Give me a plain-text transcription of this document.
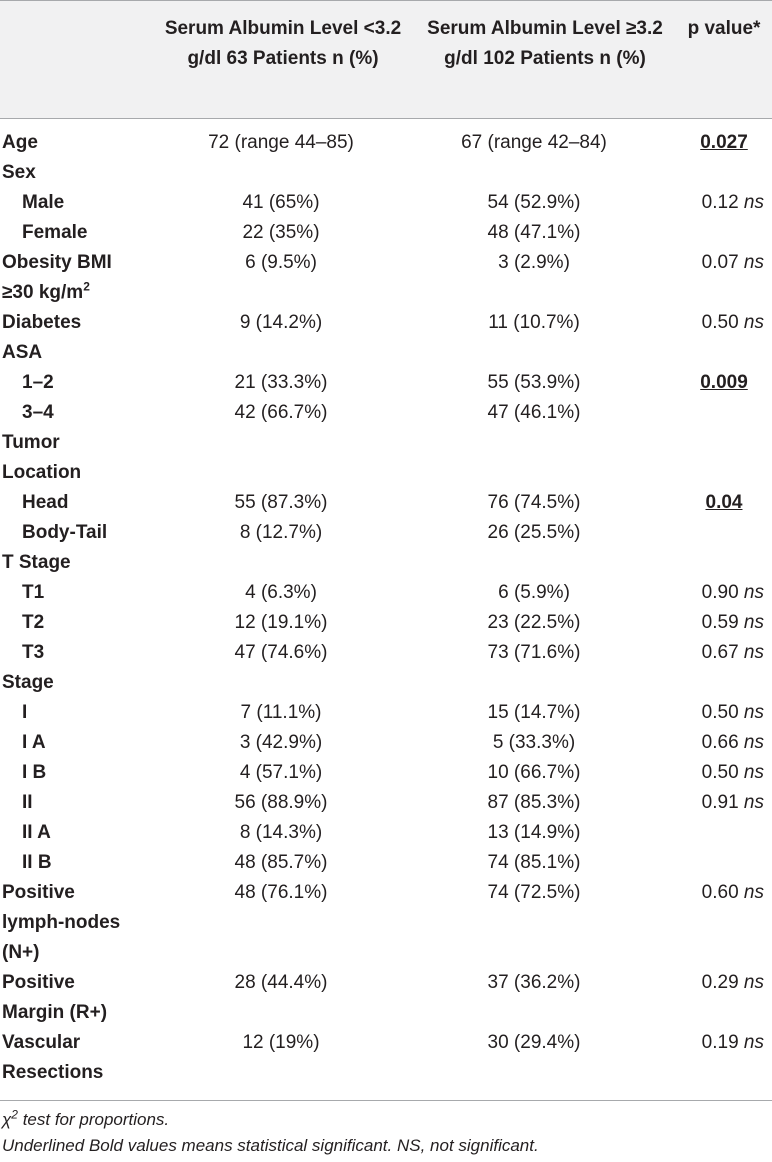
Serum Albumin Level <3.2 g/dl 63 Patients n (%)
Serum Albumin Level ≥3.2 g/dl 102 Patients n (%)
p value*
Age	72 (range 44–85)	67 (range 42–84)	0.027
Sex			
Male	41 (65%)	54 (52.9%)	0.12 ns
Female	22 (35%)	48 (47.1%)	
Obesity BMI
≥30 $kg/m^2$	6 (9.5%)	3 (2.9%)	0.07 ns
Diabetes	9 (14.2%)	11 (10.7%)	0.50 ns
ASA			
1–2	21 (33.3%)	55 (53.9%)	0.009
3–4	42 (66.7%)	47 (46.1%)	
Tumor
Location			
Head	55 (87.3%)	76 (74.5%)	0.04
Body-Tail	8 (12.7%)	26 (25.5%)	
T Stage			
T1	4 (6.3%)	6 (5.9%)	0.90 ns
T2	12 (19.1%)	23 (22.5%)	0.59 ns
T3	47 (74.6%)	73 (71.6%)	0.67 ns
Stage			
I	7 (11.1%)	15 (14.7%)	0.50 ns
I A	3 (42.9%)	5 (33.3%)	0.66 ns
I B	4 (57.1%)	10 (66.7%)	0.50 ns
II	56 (88.9%)	87 (85.3%)	0.91 ns
II A	8 (14.3%)	13 (14.9%)	
II B	48 (85.7%)	74 (85.1%)	
Positive
lymph-nodes
(N+)	48 (76.1%)	74 (72.5%)	0.60 ns
Positive
Margin (R+)	28 (44.4%)	37 (36.2%)	0.29 ns
Vascular
Resections	12 (19%)	30 (29.4%)	0.19 ns
$\chi^2$ test for proportions.
Underlined Bold values means statistical significant. NS, not significant.
